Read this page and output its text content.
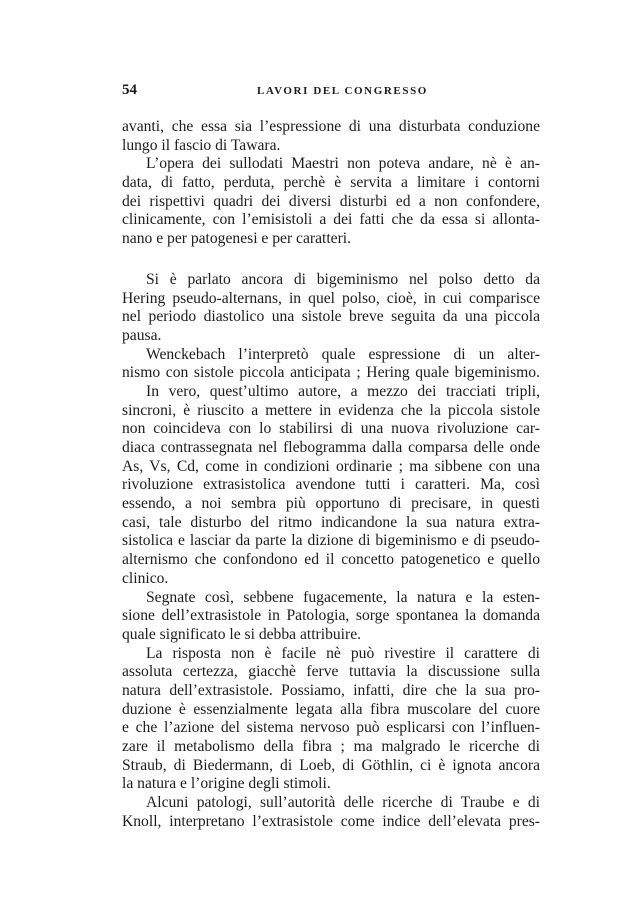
54	LAVORI DEL CONGRESSO
avanti, che essa sia l’espressione di una disturbata conduzione
lungo il fascio di Tawara.
L’opera dei sullodati Maestri non poteva andare, nè è an-
data, di fatto, perduta, perchè è servita a limitare i contorni
dei rispettivi quadri dei diversi disturbi ed a non confondere,
clinicamente, con l’emisistoli a dei fatti che da essa si allonta-
nano e per patogenesi e per caratteri.
Si è parlato ancora di bigeminismo nel polso detto da
Hering pseudo-alternans, in quel polso, cioè, in cui comparisce
nel periodo diastolico una sistole breve seguita da una piccola
pausa.
Wenckebach l’interpretò quale espressione di un alter-
nismo con sistole piccola anticipata ; Hering quale bigeminismo.
In vero, quest’ultimo autore, a mezzo dei tracciati tripli,
sincroni, è riuscito a mettere in evidenza che la piccola sistole
non coincideva con lo stabilirsi di una nuova rivoluzione car-
diaca contrassegnata nel flebogramma dalla comparsa delle onde
As, Vs, Cd, come in condizioni ordinarie ; ma sibbene con una
rivoluzione extrasistolica avendone tutti i caratteri. Ma, così
essendo, a noi sembra più opportuno di precisare, in questi
casi, tale disturbo del ritmo indicandone la sua natura extra-
sistolica e lasciar da parte la dizione di bigeminismo e di pseudo-
alternismo che confondono ed il concetto patogenetico e quello
clinico.
Segnate così, sebbene fugacemente, la natura e la esten-
sione dell’extrasistole in Patologia, sorge spontanea la domanda
quale significato le si debba attribuire.
La risposta non è facile nè può rivestire il carattere di
assoluta certezza, giacchè ferve tuttavia la discussione sulla
natura dell’extrasistole. Possiamo, infatti, dire che la sua pro-
duzione è essenzialmente legata alla fibra muscolare del cuore
e che l’azione del sistema nervoso può esplicarsi con l’influen-
zare il metabolismo della fibra ; ma malgrado le ricerche di
Straub, di Biedermann, di Loeb, di Göthlin, ci è ignota ancora
la natura e l’origine degli stimoli.
Alcuni patologi, sull’autorità delle ricerche di Traube e di
Knoll, interpretano l’extrasistole come indice dell’elevata pres-
